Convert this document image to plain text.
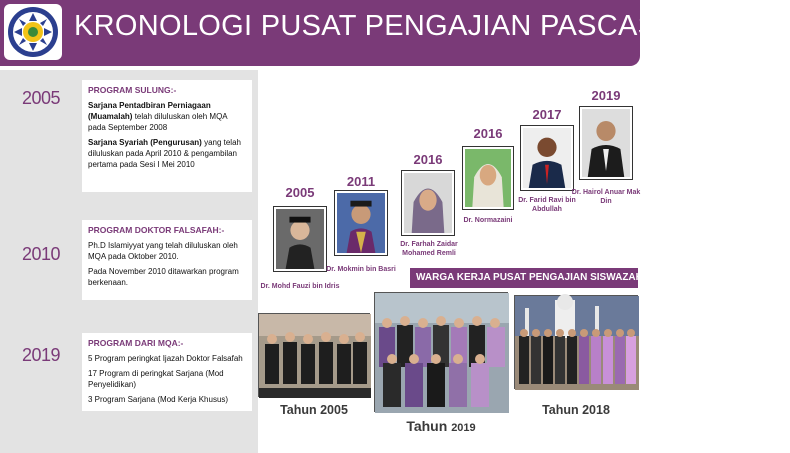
KRONOLOGI PUSAT PENGAJIAN PASCASISWAZAH
2005	PROGRAM SULUNG:-

Sarjana Pentadbiran Perniagaan (Muamalah) telah diluluskan oleh MQA pada September 2008

Sarjana Syariah (Pengurusan) yang telah diluluskan pada April 2010 & pengambilan pertama pada Sesi I Mei 2010

2010
PROGRAM DOKTOR FALSAFAH:-

Ph.D Islamiyyat yang telah diluluskan oleh MQA pada Oktober 2010.

Pada November 2010 ditawarkan program berkenaan.

2019
PROGRAM DARI MQA:-

5 Program peringkat Ijazah Doktor Falsafah

17 Program di peringkat Sarjana (Mod Penyelidikan)

3 Program Sarjana (Mod Kerja Khusus)

2005
Dr. Mohd Fauzi bin Idris
2011
Dr. Mokmin bin Basri
2016
Dr. Farhah Zaidar Mohamed Remli
2016
Dr. Normazaini
2017
Dr. Farid Ravi bin Abdullah
2019
Dr. Hairol Anuar Mak Din
WARGA KERJA PUSAT PENGAJIAN SISWAZAH (PPS)
Tahun 2005
Tahun 2019
Tahun 2018
